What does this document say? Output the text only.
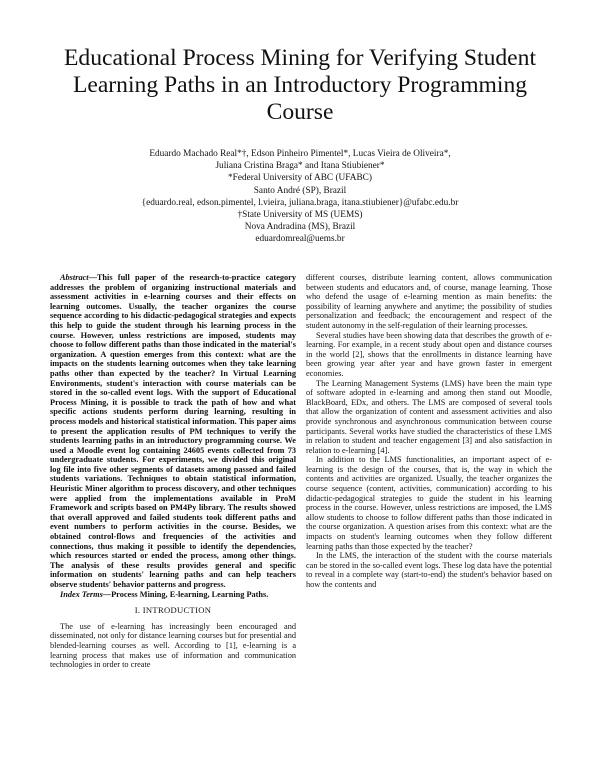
Educational Process Mining for Verifying Student
Learning Paths in an Introductory Programming
Course
Eduardo Machado Real*†, Edson Pinheiro Pimentel*, Lucas Vieira de Oliveira*,
Juliana Cristina Braga* and Itana Stiubiener*
*Federal University of ABC (UFABC)
Santo André (SP), Brazil
{eduardo.real, edson.pimentel, l.vieira, juliana.braga, itana.stiubiener}@ufabc.edu.br
†State University of MS (UEMS)
Nova Andradina (MS), Brazil
eduardomreal@uems.br

Abstract—This full paper of the research-to-practice category addresses the problem of organizing instructional materials and assessment activities in e-learning courses and their effects on learning outcomes. Usually, the teacher organizes the course sequence according to his didactic-pedagogical strategies and expects this help to guide the student through his learning process in the course. However, unless restrictions are imposed, students may choose to follow different paths than those indicated in the material's organization. A question emerges from this context: what are the impacts on the students learning outcomes when they take learning paths other than expected by the teacher? In Virtual Learning Environments, student's interaction with course materials can be stored in the so-called event logs. With the support of Educational Process Mining, it is possible to track the path of how and what specific actions students perform during learning, resulting in process models and historical statistical information. This paper aims to present the application results of PM techniques to verify the students learning paths in an introductory programming course. We used a Moodle event log containing 24605 events collected from 73 undergraduate students. For experiments, we divided this original log file into five other segments of datasets among passed and failed students variations. Techniques to obtain statistical information, Heuristic Miner algorithm to process discovery, and other techniques were applied from the implementations available in ProM Framework and scripts based on PM4Py library. The results showed that overall approved and failed students took different paths and event numbers to perform activities in the course. Besides, we obtained control-flows and frequencies of the activities and connections, thus making it possible to identify the dependencies, which resources started or ended the process, among other things. The analysis of these results provides general and specific information on students' learning paths and can help teachers observe students' behavior patterns and progress.

Index Terms—Process Mining, E-learning, Learning Paths.

I. INTRODUCTION

The use of e-learning has increasingly been encouraged and disseminated, not only for distance learning courses but for presential and blended-learning courses as well. According to [1], e-learning is a learning process that makes use of information and communication technologies in order to create

different courses, distribute learning content, allows communication between students and educators and, of course, manage learning. Those who defend the usage of e-learning mention as main benefits: the possibility of learning anywhere and anytime; the possibility of studies personalization and feedback; the encouragement and respect of the student autonomy in the self-regulation of their learning processes.

Several studies have been showing data that describes the growth of e-learning. For example, in a recent study about open and distance courses in the world [2], shows that the enrollments in distance learning have been growing year after year and have grown faster in emergent economies.

The Learning Management Systems (LMS) have been the main type of software adopted in e-learning and among then stand out Moodle, BlackBoard, EDx, and others. The LMS are composed of several tools that allow the organization of content and assessment activities and also provide synchronous and asynchronous communication between course participants. Several works have studied the characteristics of these LMS in relation to student and teacher engagement [3] and also satisfaction in relation to e-learning [4].

In addition to the LMS functionalities, an important aspect of e-learning is the design of the courses, that is, the way in which the contents and activities are organized. Usually, the teacher organizes the course sequence (content, activities, communication) according to his didactic-pedagogical strategies to guide the student in his learning process in the course. However, unless restrictions are imposed, the LMS allow students to choose to follow different paths than those indicated in the course organization. A question arises from this context: what are the impacts on student's learning outcomes when they follow different learning paths than those expected by the teacher?

In the LMS, the interaction of the student with the course materials can be stored in the so-called event logs. These log data have the potential to reveal in a complete way (start-to-end) the student's behavior based on how the contents and
